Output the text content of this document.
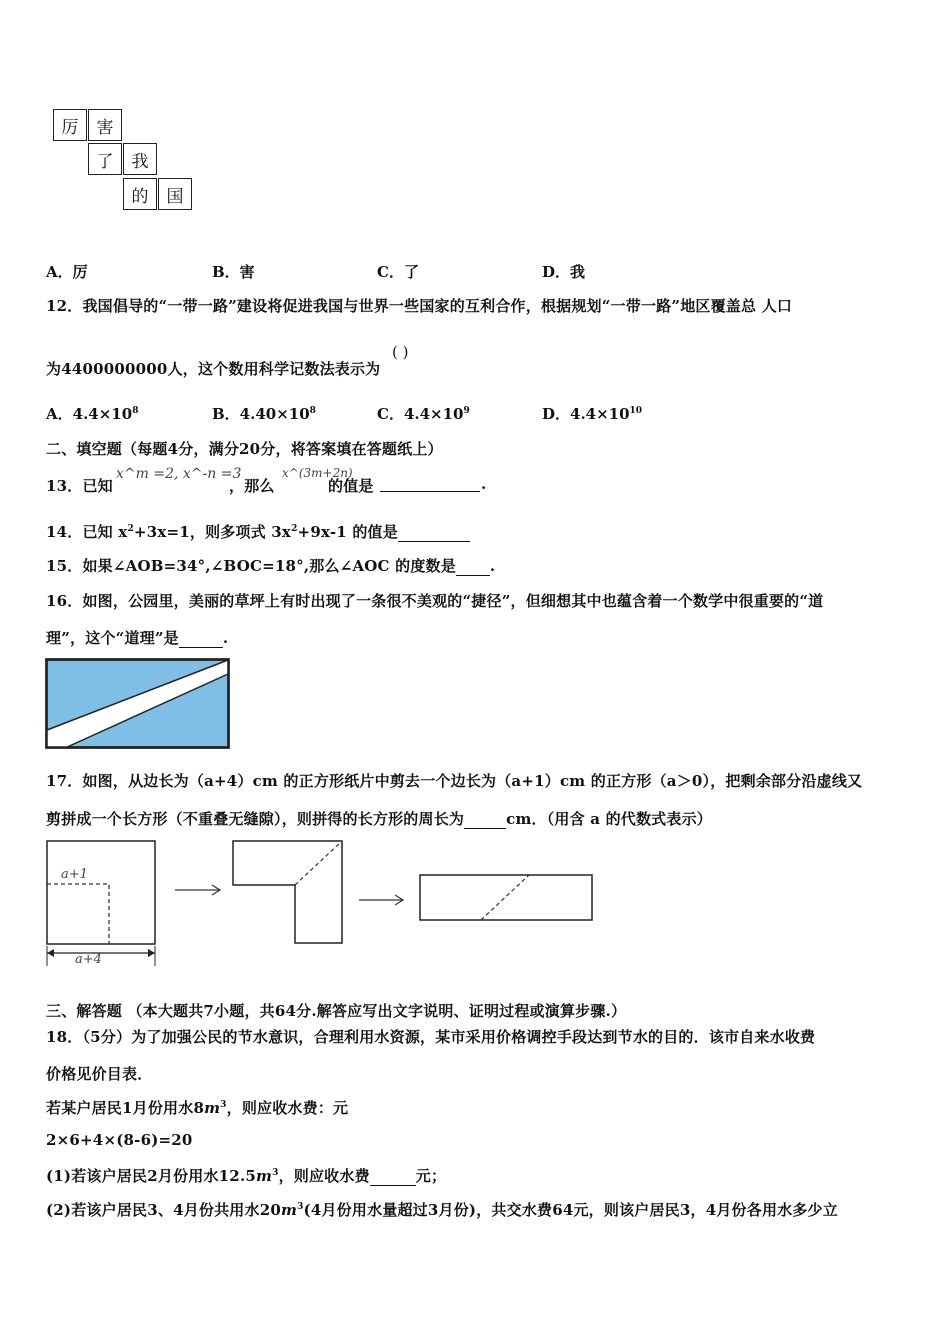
厉	害
了	我
的	国
A．厉	B．害	C．了	D．我
12．我国倡导的“一带一路”建设将促进我国与世界一些国家的互利合作，根据规划“一带一路”地区覆盖总 人口
为4400000000人，这个数用科学记数法表示为
( )
A．$4.4\times 10^8$	B．$4.40\times 10^8$	C．$4.4\times 10^9$	D．$4.4\times 10^{10}$
二、填空题（每题4分，满分20分，将答案填在答题纸上）
13．已知
x^m =2, x^-n =3
，那么
x^(3m+2n)
的值是	.
14．已知 $x^2+3x=1$，则多项式 $3x^2+9x-1$ 的值是
15．如果∠AOB=34°,∠BOC=18°,那么∠AOC 的度数是 .
16．如图，公园里，美丽的草坪上有时出现了一条很不美观的“捷径”，但细想其中也蕴含着一个数学中很重要的“道
理”，这个“道理”是	.
17．如图，从边长为（a+4）cm 的正方形纸片中剪去一个边长为（a+1）cm 的正方形（a＞0），把剩余部分沿虚线又
剪拼成一个长方形（不重叠无缝隙），则拼得的长方形的周长为	cm．（用含 a 的代数式表示）
a+1
a+4
三、解答题 （本大题共7小题，共64分.解答应写出文字说明、证明过程或演算步骤.）
18．（5分）为了加强公民的节水意识，合理利用水资源，某市采用价格调控手段达到节水的目的．该市自来水收费
价格见价目表．
若某户居民1月份用水$8m^3$，则应收水费：元
2×6+4×(8-6)=20
(1)若该户居民2月份用水$12.5m^3$，则应收水费	元；
(2)若该户居民3、4月份共用水$20m^3(4$月份用水量超过3月份)，共交水费64元，则该户居民3，4月份各用水多少立
